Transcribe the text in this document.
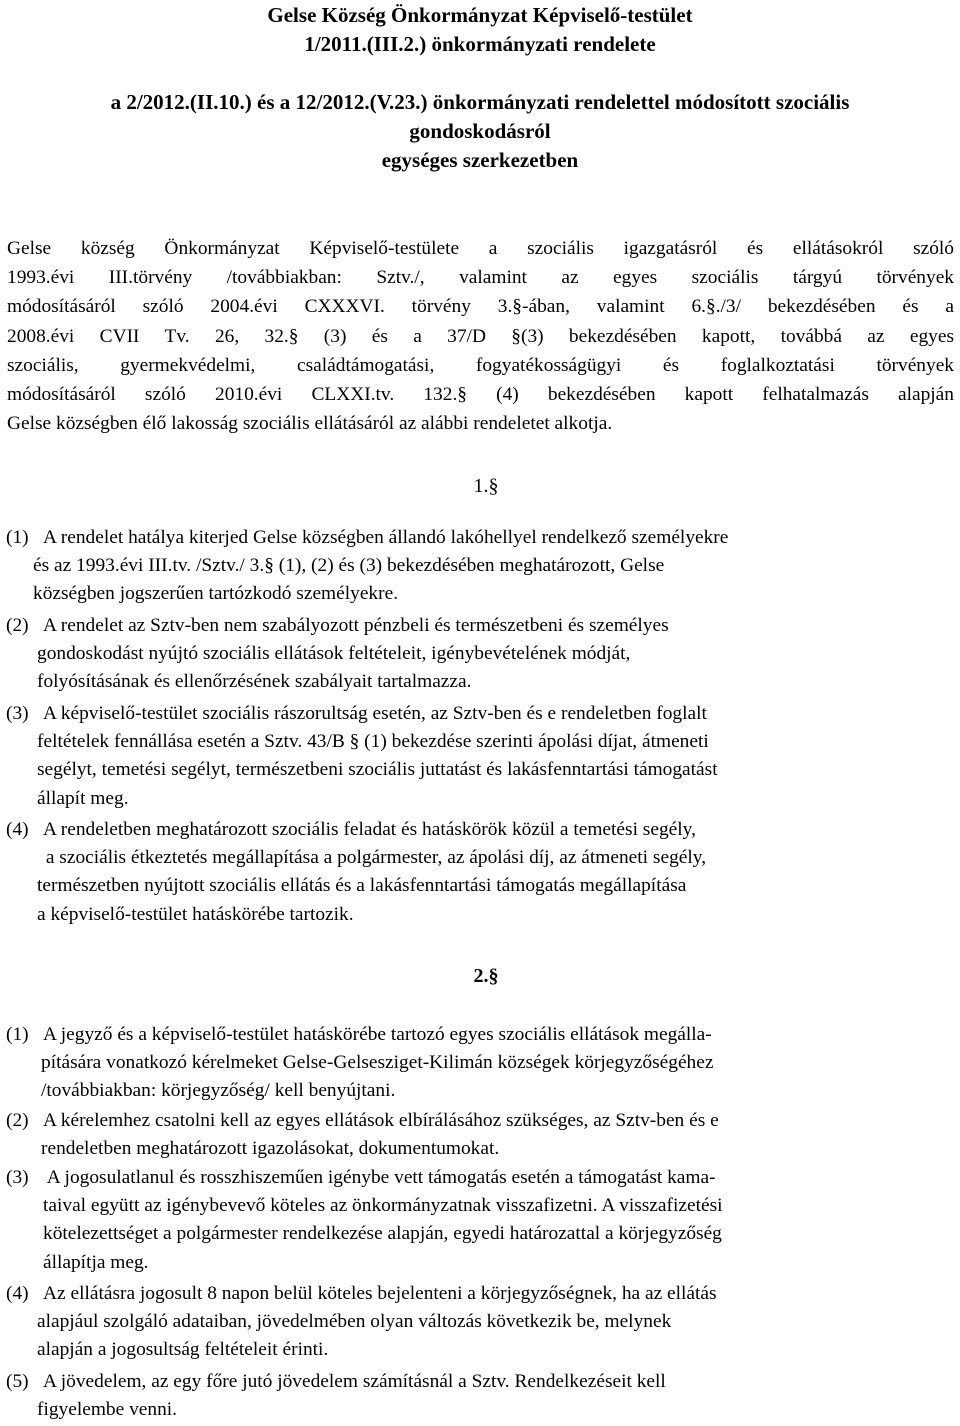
Gelse Község Önkormányzat Képviselő-testület

1/2011.(III.2.) önkormányzati rendelete

a 2/2012.(II.10.) és a 12/2012.(V.23.) önkormányzati rendelettel módosított szociális

gondoskodásról

egységes szerkezetben

Gelse község Önkormányzat Képviselő-testülete a szociális igazgatásról és ellátásokról szóló
1993.évi III.törvény /továbbiakban: Sztv./, valamint az egyes szociális tárgyú törvények
módosításáról szóló 2004.évi CXXXVI. törvény 3.§-ában, valamint 6.§./3/ bekezdésében és a
2008.évi CVII Tv. 26, 32.§ (3) és a 37/D §(3) bekezdésében kapott, továbbá az egyes
szociális, gyermekvédelmi, családtámogatási, fogyatékosságügyi és foglalkoztatási törvények
módosításáról szóló 2010.évi CLXXI.tv. 132.§ (4) bekezdésében kapott felhatalmazás alapján
Gelse községben élő lakosság szociális ellátásáról az alábbi rendeletet alkotja.

1.§

(1) A rendelet hatálya kiterjed Gelse községben állandó lakóhellyel rendelkező személyekre
és az 1993.évi III.tv. /Sztv./ 3.§ (1), (2) és (3) bekezdésében meghatározott, Gelse
községben jogszerűen tartózkodó személyekre.
(2) A rendelet az Sztv-ben nem szabályozott pénzbeli és természetbeni és személyes
gondoskodást nyújtó szociális ellátások feltételeit, igénybevételének módját,
folyósításának és ellenőrzésének szabályait tartalmazza.
(3) A képviselő-testület szociális rászorultság esetén, az Sztv-ben és e rendeletben foglalt
feltételek fennállása esetén a Sztv. 43/B § (1) bekezdése szerinti ápolási díjat, átmeneti
segélyt, temetési segélyt, természetbeni szociális juttatást és lakásfenntartási támogatást
állapít meg.
(4) A rendeletben meghatározott szociális feladat és hatáskörök közül a temetési segély,
a szociális étkeztetés megállapítása a polgármester, az ápolási díj, az átmeneti segély,
természetben nyújtott szociális ellátás és a lakásfenntartási támogatás megállapítása
a képviselő-testület hatáskörébe tartozik.

2.§

(1) A jegyző és a képviselő-testület hatáskörébe tartozó egyes szociális ellátások megálla-
pítására vonatkozó kérelmeket Gelse-Gelsesziget-Kilimán községek körjegyzőségéhez
/továbbiakban: körjegyzőség/ kell benyújtani.
(2) A kérelemhez csatolni kell az egyes ellátások elbírálásához szükséges, az Sztv-ben és e
rendeletben meghatározott igazolásokat, dokumentumokat.
(3) A jogosulatlanul és rosszhiszeműen igénybe vett támogatás esetén a támogatást kama-
taival együtt az igénybevevő köteles az önkormányzatnak visszafizetni. A visszafizetési
kötelezettséget a polgármester rendelkezése alapján, egyedi határozattal a körjegyzőség
állapítja meg.
(4) Az ellátásra jogosult 8 napon belül köteles bejelenteni a körjegyzőségnek, ha az ellátás
alapjául szolgáló adataiban, jövedelmében olyan változás következik be, melynek
alapján a jogosultság feltételeit érinti.
(5) A jövedelem, az egy főre jutó jövedelem számításnál a Sztv. Rendelkezéseit kell
figyelembe venni.
